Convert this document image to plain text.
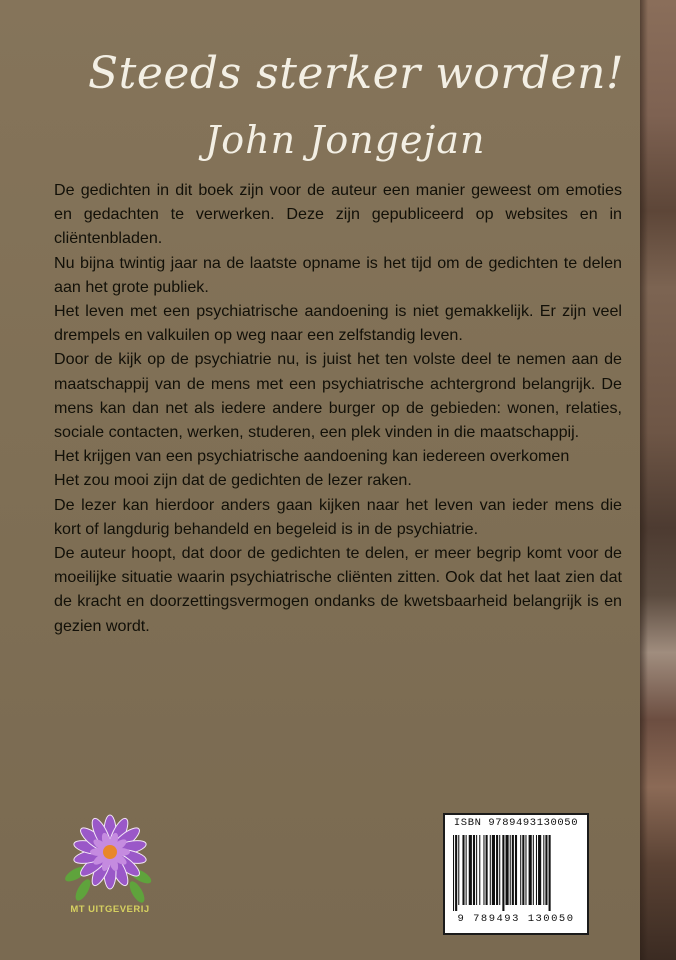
Steeds sterker worden!
John Jongejan

De gedichten in dit boek zijn voor de auteur een manier geweest om emoties en gedachten te verwerken. Deze zijn gepubliceerd op websites en in cliëntenbladen.

Nu bijna twintig jaar na de laatste opname is het tijd om de gedichten te delen aan het grote publiek.

Het leven met een psychiatrische aandoening is niet gemakkelijk. Er zijn veel drempels en valkuilen op weg naar een zelfstandig leven.

Door de kijk op de psychiatrie nu, is juist het ten volste deel te nemen aan de maatschappij van de mens met een psychiatrische achtergrond belangrijk. De mens kan dan net als iedere andere burger op de gebieden: wonen, relaties, sociale contacten, werken, studeren, een plek vinden in die maatschappij.

Het krijgen van een psychiatrische aandoening kan iedereen overkomen

Het zou mooi zijn dat de gedichten de lezer raken.

De lezer kan hierdoor anders gaan kijken naar het leven van ieder mens die kort of langdurig behandeld en begeleid is in de psychiatrie.

De auteur hoopt, dat door de gedichten te delen, er meer begrip komt voor de moeilijke situatie waarin psychiatrische cliënten zitten. Ook dat het laat zien dat de kracht en doorzettingsvermogen ondanks de kwetsbaarheid belangrijk is en gezien wordt.

MT UITGEVERIJ
ISBN 9789493130050
9 789493 130050
